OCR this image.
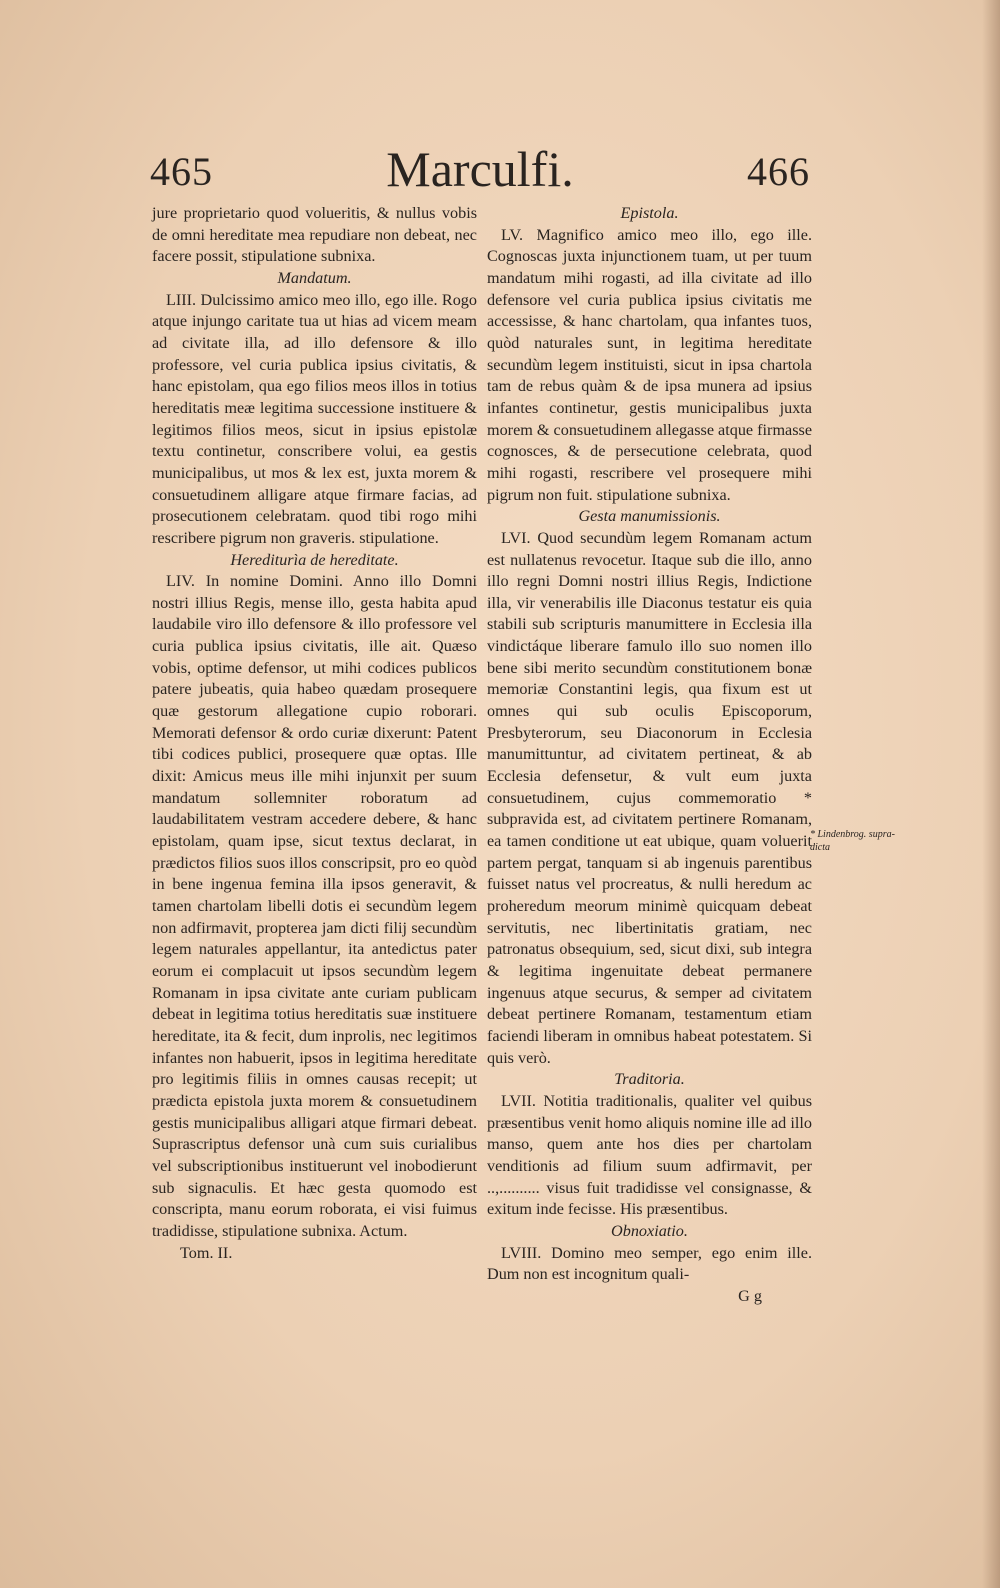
465	Marculfi.	466

jure proprietario quod volueritis, & nullus vobis de omni hereditate mea repudiare non debeat, nec facere possit, stipulatione subnixa.

Mandatum.

LIII. Dulcissimo amico meo illo, ego ille. Rogo atque injungo caritate tua ut hias ad vicem meam ad civitate illa, ad illo defensore & illo professore, vel curia publica ipsius civitatis, & hanc epistolam, qua ego filios meos illos in totius hereditatis meæ legitima successione instituere & legitimos filios meos, sicut in ipsius epistolæ textu continetur, conscribere volui, ea gestis municipalibus, ut mos & lex est, juxta morem & consuetudinem alligare atque firmare facias, ad prosecutionem celebratam. quod tibi rogo mihi rescribere pigrum non graveris. stipulatione.

Herediturìa de hereditate.

LIV. In nomine Domini. Anno illo Domni nostri illius Regis, mense illo, gesta habita apud laudabile viro illo defensore & illo professore vel curia publica ipsius civitatis, ille ait. Quæso vobis, optime defensor, ut mihi codices publicos patere jubeatis, quia habeo quædam prosequere quæ gestorum allegatione cupio roborari. Memorati defensor & ordo curiæ dixerunt: Patent tibi codices publici, prosequere quæ optas. Ille dixit: Amicus meus ille mihi injunxit per suum mandatum sollemniter roboratum ad laudabilitatem vestram accedere debere, & hanc epistolam, quam ipse, sicut textus declarat, in prædictos filios suos illos conscripsit, pro eo quòd in bene ingenua femina illa ipsos generavit, & tamen chartolam libelli dotis ei secundùm legem non adfirmavit, propterea jam dicti filij secundùm legem naturales appellantur, ita antedictus pater eorum ei complacuit ut ipsos secundùm legem Romanam in ipsa civitate ante curiam publicam debeat in legitima totius hereditatis suæ instituere hereditate, ita & fecit, dum inprolis, nec legitimos infantes non habuerit, ipsos in legitima hereditate pro legitimis filiis in omnes causas recepit; ut prædicta epistola juxta morem & consuetudinem gestis municipalibus alligari atque firmari debeat. Suprascriptus defensor unà cum suis curialibus vel subscriptionibus instituerunt vel inobodierunt sub signaculis. Et hæc gesta quomodo est conscripta, manu eorum roborata, ei visi fuimus tradidisse, stipulatione subnixa. Actum.

Tom. II.

Epistola.

LV. Magnifico amico meo illo, ego ille. Cognoscas juxta injunctionem tuam, ut per tuum mandatum mihi rogasti, ad illa civitate ad illo defensore vel curia publica ipsius civitatis me accessisse, & hanc chartolam, qua infantes tuos, quòd naturales sunt, in legitima hereditate secundùm legem instituisti, sicut in ipsa chartola tam de rebus quàm & de ipsa munera ad ipsius infantes continetur, gestis municipalibus juxta morem & consuetudinem allegasse atque firmasse cognosces, & de persecutione celebrata, quod mihi rogasti, rescribere vel prosequere mihi pigrum non fuit. stipulatione subnixa.

Gesta manumissionis.

LVI. Quod secundùm legem Romanam actum est nullatenus revocetur. Itaque sub die illo, anno illo regni Domni nostri illius Regis, Indictione illa, vir venerabilis ille Diaconus testatur eis quia stabili sub scripturis manumittere in Ecclesia illa vindictáque liberare famulo illo suo nomen illo bene sibi merito secundùm constitutionem bonæ memoriæ Constantini legis, qua fixum est ut omnes qui sub oculis Episcoporum, Presbyterorum, seu Diaconorum in Ecclesia manumittuntur, ad civitatem pertineat, & ab Ecclesia defensetur, & vult eum juxta consuetudinem, cujus commemoratio * subpravida est, ad civitatem pertinere Romanam, ea tamen conditione ut eat ubique, quam voluerit partem pergat, tanquam si ab ingenuis parentibus fuisset natus vel procreatus, & nulli heredum ac proheredum meorum minimè quicquam debeat servitutis, nec libertinitatis gratiam, nec patronatus obsequium, sed, sicut dixi, sub integra & legitima ingenuitate debeat permanere ingenuus atque securus, & semper ad civitatem debeat pertinere Romanam, testamentum etiam faciendi liberam in omnibus habeat potestatem. Si quis verò.

Traditoria.

LVII. Notitia traditionalis, qualiter vel quibus præsentibus venit homo aliquis nomine ille ad illo manso, quem ante hos dies per chartolam venditionis ad filium suum adfirmavit, per ..,.......... visus fuit tradidisse vel consignasse, & exitum inde fecisse. His præsentibus.

Obnoxiatio.

LVIII. Domino meo semper, ego enim ille. Dum non est incognitum quali-

G g

* Lindenbrog. supra-
dicta
